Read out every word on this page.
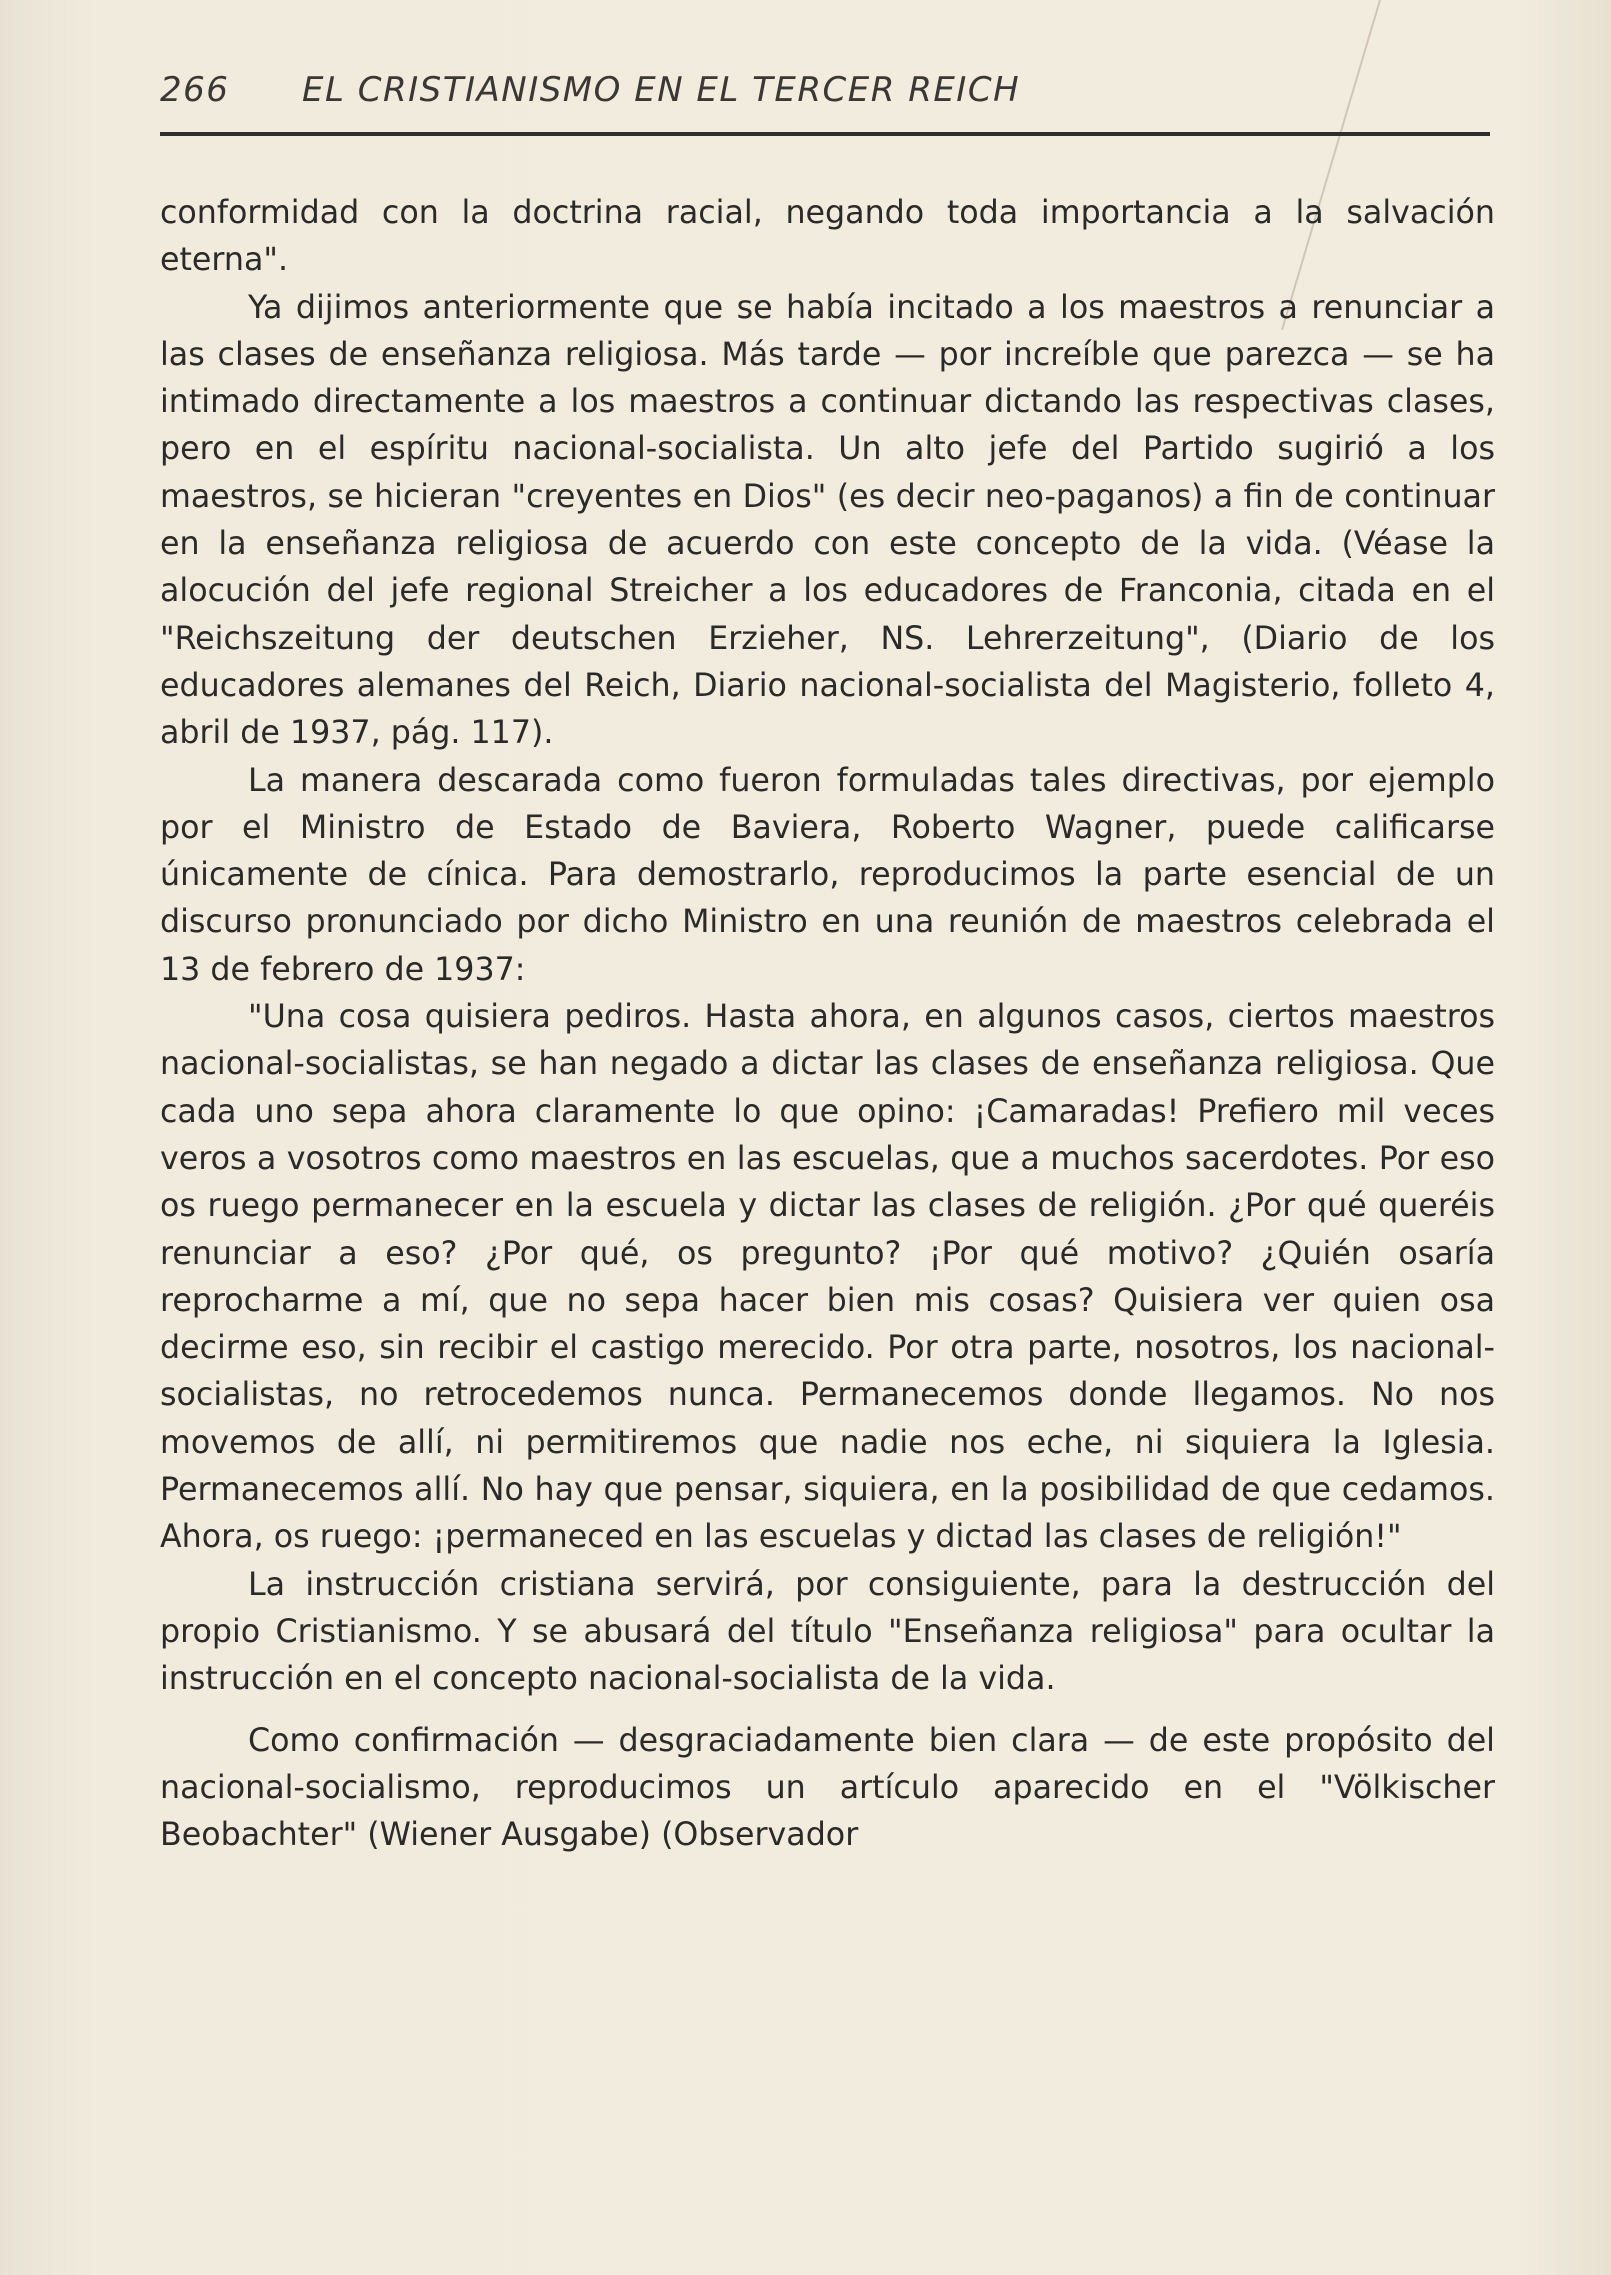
266	EL CRISTIANISMO EN EL TERCER REICH

conformidad con la doctrina racial, negando toda importancia a la salvación eterna".

Ya dijimos anteriormente que se había incitado a los maestros a renunciar a las clases de enseñanza religiosa. Más tarde — por increíble que parezca — se ha intimado directamente a los maestros a continuar dictando las respectivas clases, pero en el espíritu nacional-socialista. Un alto jefe del Partido sugirió a los maestros, se hicieran "creyentes en Dios" (es decir neo-paganos) a fin de continuar en la enseñanza religiosa de acuerdo con este concepto de la vida. (Véase la alocución del jefe regional Streicher a los educadores de Franconia, citada en el "Reichszeitung der deutschen Erzieher, NS. Lehrerzeitung", (Diario de los educadores alemanes del Reich, Diario nacional-socialista del Magisterio, folleto 4, abril de 1937, pág. 117).

La manera descarada como fueron formuladas tales directivas, por ejemplo por el Ministro de Estado de Baviera, Roberto Wagner, puede calificarse únicamente de cínica. Para demostrarlo, reproducimos la parte esencial de un discurso pronunciado por dicho Ministro en una reunión de maestros celebrada el 13 de febrero de 1937:

"Una cosa quisiera pediros. Hasta ahora, en algunos casos, ciertos maestros nacional-socialistas, se han negado a dictar las clases de enseñanza religiosa. Que cada uno sepa ahora claramente lo que opino: ¡Camaradas! Prefiero mil veces veros a vosotros como maestros en las escuelas, que a muchos sacerdotes. Por eso os ruego permanecer en la escuela y dictar las clases de religión. ¿Por qué queréis renunciar a eso? ¿Por qué, os pregunto? ¡Por qué motivo? ¿Quién osaría reprocharme a mí, que no sepa hacer bien mis cosas? Quisiera ver quien osa decirme eso, sin recibir el castigo merecido. Por otra parte, nosotros, los nacional-socialistas, no retrocedemos nunca. Permanecemos donde llegamos. No nos movemos de allí, ni permitiremos que nadie nos eche, ni siquiera la Iglesia. Permanecemos allí. No hay que pensar, siquiera, en la posibilidad de que cedamos. Ahora, os ruego: ¡permaneced en las escuelas y dictad las clases de religión!"

La instrucción cristiana servirá, por consiguiente, para la destrucción del propio Cristianismo. Y se abusará del título "Enseñanza religiosa" para ocultar la instrucción en el concepto nacional-socialista de la vida.

Como confirmación — desgraciadamente bien clara — de este propósito del nacional-socialismo, reproducimos un artículo aparecido en el "Völkischer Beobachter" (Wiener Ausgabe) (Observador
